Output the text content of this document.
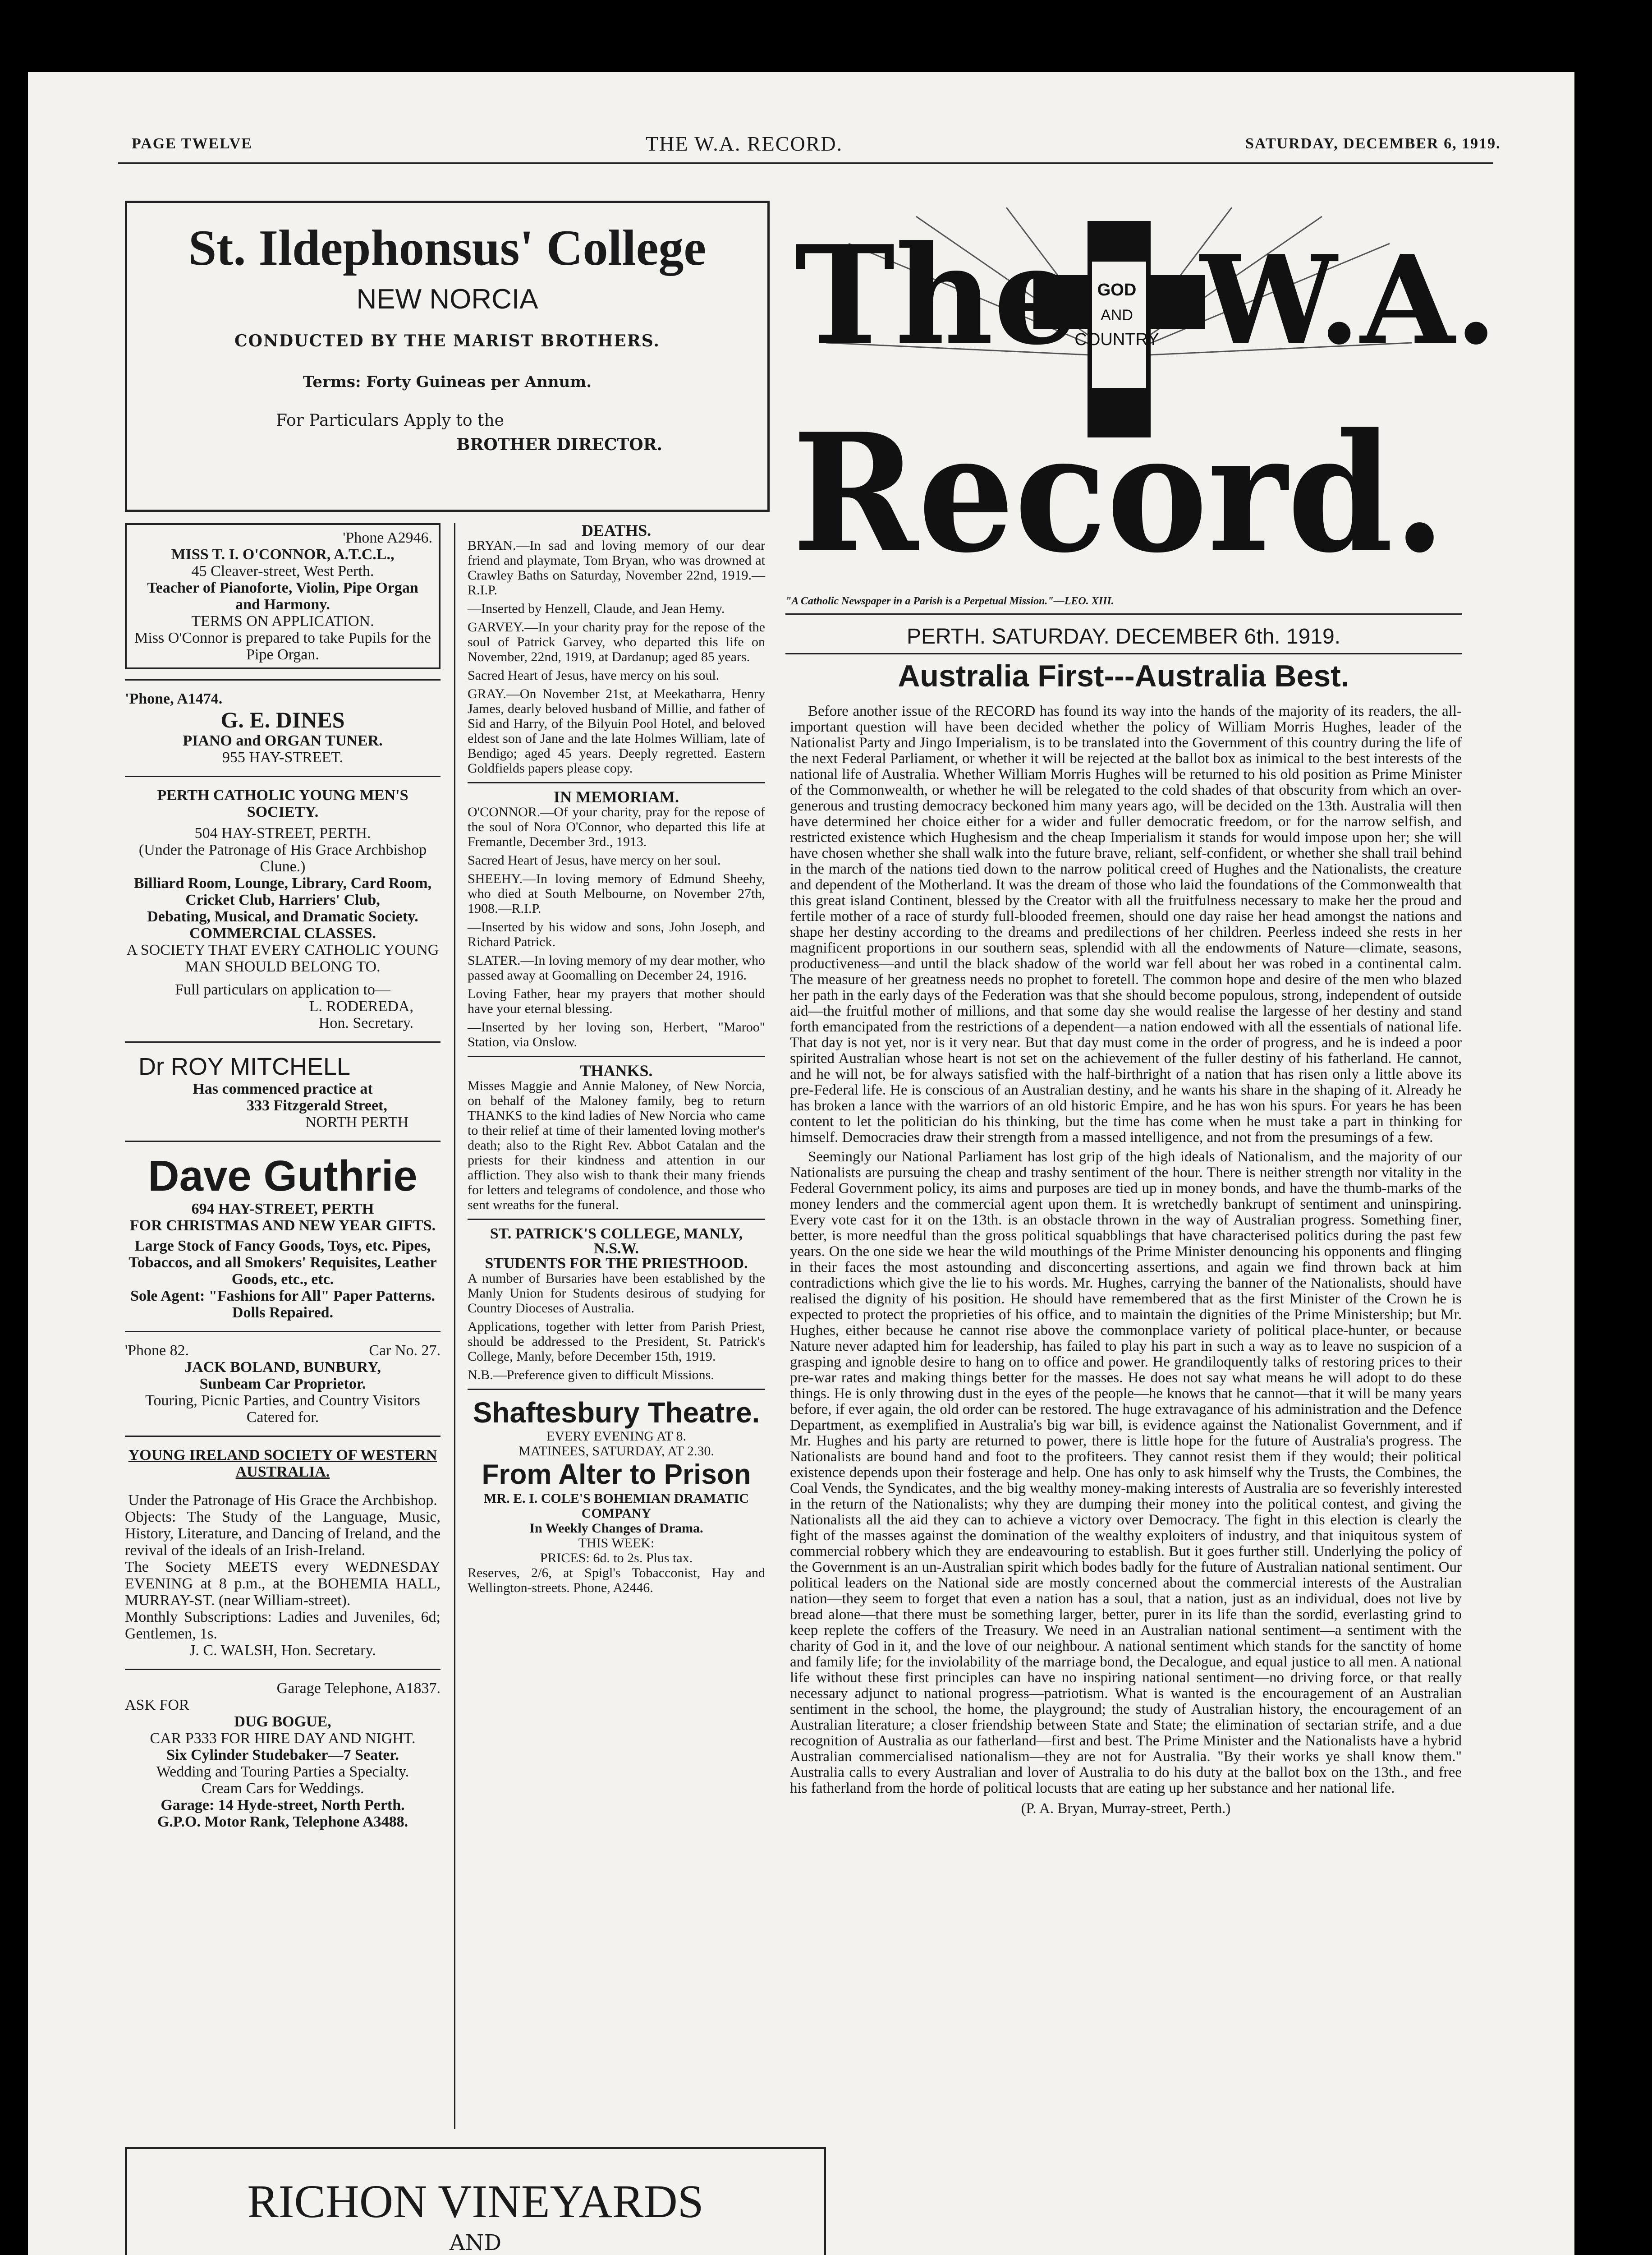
PAGE TWELVE	THE W.A. RECORD.	SATURDAY, DECEMBER 6, 1919.
St. Ildephonsus' College
NEW NORCIA
CONDUCTED BY THE MARIST BROTHERS.
Terms: Forty Guineas per Annum.
For Particulars Apply to the
BROTHER DIRECTOR.
'Phone A2946.
MISS T. I. O'CONNOR, A.T.C.L.,
45 Cleaver-street, West Perth.
Teacher of Pianoforte, Violin, Pipe Organ and Harmony.
TERMS ON APPLICATION.
Miss O'Connor is prepared to take Pupils for the Pipe Organ.
'Phone, A1474.
G. E. DINES
PIANO and ORGAN TUNER.
955 HAY-STREET.
PERTH CATHOLIC YOUNG MEN'S SOCIETY.
504 HAY-STREET, PERTH.
(Under the Patronage of His Grace Archbishop Clune.)
Billiard Room, Lounge, Library, Card Room, Cricket Club, Harriers' Club,
Debating, Musical, and Dramatic Society.
COMMERCIAL CLASSES.
A SOCIETY THAT EVERY CATHOLIC YOUNG MAN SHOULD BELONG TO.
Full particulars on application to—
L. RODEREDA,
Hon. Secretary.
Dr ROY MITCHELL
Has commenced practice at
333 Fitzgerald Street,
NORTH PERTH
Dave Guthrie
694 HAY-STREET, PERTH
FOR CHRISTMAS AND NEW YEAR GIFTS.
Large Stock of Fancy Goods, Toys, etc. Pipes, Tobaccos, and all Smokers' Requisites, Leather Goods, etc., etc.
Sole Agent: "Fashions for All" Paper Patterns.
Dolls Repaired.
'Phone 82.	Car No. 27.
JACK BOLAND, BUNBURY,
Sunbeam Car Proprietor.
Touring, Picnic Parties, and Country Visitors Catered for.
YOUNG IRELAND SOCIETY OF WESTERN AUSTRALIA.
Under the Patronage of His Grace the Archbishop.
Objects: The Study of the Language, Music, History, Literature, and Dancing of Ireland, and the revival of the ideals of an Irish-Ireland.
The Society MEETS every WEDNESDAY EVENING at 8 p.m., at the BOHEMIA HALL, MURRAY-ST. (near William-street).
Monthly Subscriptions: Ladies and Juveniles, 6d; Gentlemen, 1s.
J. C. WALSH, Hon. Secretary.
Garage Telephone, A1837.
ASK FOR
DUG BOGUE,
CAR P333 FOR HIRE DAY AND NIGHT.
Six Cylinder Studebaker—7 Seater.
Wedding and Touring Parties a Specialty.
Cream Cars for Weddings.
Garage: 14 Hyde-street, North Perth.
G.P.O. Motor Rank, Telephone A3488.
DEATHS.

BRYAN.—In sad and loving memory of our dear friend and playmate, Tom Bryan, who was drowned at Crawley Baths on Saturday, November 22nd, 1919.—R.I.P.

—Inserted by Henzell, Claude, and Jean Hemy.

GARVEY.—In your charity pray for the repose of the soul of Patrick Garvey, who departed this life on November, 22nd, 1919, at Dardanup; aged 85 years.

Sacred Heart of Jesus, have mercy on his soul.

GRAY.—On November 21st, at Meekatharra, Henry James, dearly beloved husband of Millie, and father of Sid and Harry, of the Bilyuin Pool Hotel, and beloved eldest son of Jane and the late Holmes William, late of Bendigo; aged 45 years. Deeply regretted. Eastern Goldfields papers please copy.

IN MEMORIAM.

O'CONNOR.—Of your charity, pray for the repose of the soul of Nora O'Connor, who departed this life at Fremantle, December 3rd., 1913.

Sacred Heart of Jesus, have mercy on her soul.

SHEEHY.—In loving memory of Edmund Sheehy, who died at South Melbourne, on November 27th, 1908.—R.I.P.

—Inserted by his widow and sons, John Joseph, and Richard Patrick.

SLATER.—In loving memory of my dear mother, who passed away at Goomalling on December 24, 1916.

Loving Father, hear my prayers that mother should have your eternal blessing.

—Inserted by her loving son, Herbert, "Maroo" Station, via Onslow.

THANKS.

Misses Maggie and Annie Maloney, of New Norcia, on behalf of the Maloney family, beg to return THANKS to the kind ladies of New Norcia who came to their relief at time of their lamented loving mother's death; also to the Right Rev. Abbot Catalan and the priests for their kindness and attention in our affliction. They also wish to thank their many friends for letters and telegrams of condolence, and those who sent wreaths for the funeral.

ST. PATRICK'S COLLEGE, MANLY, N.S.W.
STUDENTS FOR THE PRIESTHOOD.

A number of Bursaries have been established by the Manly Union for Students desirous of studying for Country Dioceses of Australia.

Applications, together with letter from Parish Priest, should be addressed to the President, St. Patrick's College, Manly, before December 15th, 1919.

N.B.—Preference given to difficult Missions.

Shaftesbury Theatre.
EVERY EVENING AT 8.
MATINEES, SATURDAY, AT 2.30.
From Alter to Prison
MR. E. I. COLE'S BOHEMIAN DRAMATIC COMPANY
In Weekly Changes of Drama.
THIS WEEK:
PRICES: 6d. to 2s. Plus tax.
Reserves, 2/6, at Spigl's Tobacconist, Hay and Wellington-streets. Phone, A2446.
RICHON VINEYARDS
AND
The W.A.
GOD
AND
COUNTRY
Record.
"A Catholic Newspaper in a Parish is a Perpetual Mission."—LEO. XIII.
PERTH. SATURDAY. DECEMBER 6th. 1919.
Australia First---Australia Best.

Before another issue of the RECORD has found its way into the hands of the majority of its readers, the all-important question will have been decided whether the policy of William Morris Hughes, leader of the Nationalist Party and Jingo Imperialism, is to be translated into the Government of this country during the life of the next Federal Parliament, or whether it will be rejected at the ballot box as inimical to the best interests of the national life of Australia. Whether William Morris Hughes will be returned to his old position as Prime Minister of the Commonwealth, or whether he will be relegated to the cold shades of that obscurity from which an over-generous and trusting democracy beckoned him many years ago, will be decided on the 13th. Australia will then have determined her choice either for a wider and fuller democratic freedom, or for the narrow selfish, and restricted existence which Hughesism and the cheap Imperialism it stands for would impose upon her; she will have chosen whether she shall walk into the future brave, reliant, self-confident, or whether she shall trail behind in the march of the nations tied down to the narrow political creed of Hughes and the Nationalists, the creature and dependent of the Motherland. It was the dream of those who laid the foundations of the Commonwealth that this great island Continent, blessed by the Creator with all the fruitfulness necessary to make her the proud and fertile mother of a race of sturdy full-blooded freemen, should one day raise her head amongst the nations and shape her destiny according to the dreams and predilections of her children. Peerless indeed she rests in her magnificent proportions in our southern seas, splendid with all the endowments of Nature—climate, seasons, productiveness—and until the black shadow of the world war fell about her was robed in a continental calm. The measure of her greatness needs no prophet to foretell. The common hope and desire of the men who blazed her path in the early days of the Federation was that she should become populous, strong, independent of outside aid—the fruitful mother of millions, and that some day she would realise the largesse of her destiny and stand forth emancipated from the restrictions of a dependent—a nation endowed with all the essentials of national life. That day is not yet, nor is it very near. But that day must come in the order of progress, and he is indeed a poor spirited Australian whose heart is not set on the achievement of the fuller destiny of his fatherland. He cannot, and he will not, be for always satisfied with the half-birthright of a nation that has risen only a little above its pre-Federal life. He is conscious of an Australian destiny, and he wants his share in the shaping of it. Already he has broken a lance with the warriors of an old historic Empire, and he has won his spurs. For years he has been content to let the politician do his thinking, but the time has come when he must take a part in thinking for himself. Democracies draw their strength from a massed intelligence, and not from the presumings of a few.

Seemingly our National Parliament has lost grip of the high ideals of Nationalism, and the majority of our Nationalists are pursuing the cheap and trashy sentiment of the hour. There is neither strength nor vitality in the Federal Government policy, its aims and purposes are tied up in money bonds, and have the thumb-marks of the money lenders and the commercial agent upon them. It is wretchedly bankrupt of sentiment and uninspiring. Every vote cast for it on the 13th. is an obstacle thrown in the way of Australian progress. Something finer, better, is more needful than the gross political squabblings that have characterised politics during the past few years. On the one side we hear the wild mouthings of the Prime Minister denouncing his opponents and flinging in their faces the most astounding and disconcerting assertions, and again we find thrown back at him contradictions which give the lie to his words. Mr. Hughes, carrying the banner of the Nationalists, should have realised the dignity of his position. He should have remembered that as the first Minister of the Crown he is expected to protect the proprieties of his office, and to maintain the dignities of the Prime Ministership; but Mr. Hughes, either because he cannot rise above the commonplace variety of political place-hunter, or because Nature never adapted him for leadership, has failed to play his part in such a way as to leave no suspicion of a grasping and ignoble desire to hang on to office and power. He grandiloquently talks of restoring prices to their pre-war rates and making things better for the masses. He does not say what means he will adopt to do these things. He is only throwing dust in the eyes of the people—he knows that he cannot—that it will be many years before, if ever again, the old order can be restored. The huge extravagance of his administration and the Defence Department, as exemplified in Australia's big war bill, is evidence against the Nationalist Government, and if Mr. Hughes and his party are returned to power, there is little hope for the future of Australia's progress. The Nationalists are bound hand and foot to the profiteers. They cannot resist them if they would; their political existence depends upon their fosterage and help. One has only to ask himself why the Trusts, the Combines, the Coal Vends, the Syndicates, and the big wealthy money-making interests of Australia are so feverishly interested in the return of the Nationalists; why they are dumping their money into the political contest, and giving the Nationalists all the aid they can to achieve a victory over Democracy. The fight in this election is clearly the fight of the masses against the domination of the wealthy exploiters of industry, and that iniquitous system of commercial robbery which they are endeavouring to establish. But it goes further still. Underlying the policy of the Government is an un-Australian spirit which bodes badly for the future of Australian national sentiment. Our political leaders on the National side are mostly concerned about the commercial interests of the Australian nation—they seem to forget that even a nation has a soul, that a nation, just as an individual, does not live by bread alone—that there must be something larger, better, purer in its life than the sordid, everlasting grind to keep replete the coffers of the Treasury. We need in an Australian national sentiment—a sentiment with the charity of God in it, and the love of our neighbour. A national sentiment which stands for the sanctity of home and family life; for the inviolability of the marriage bond, the Decalogue, and equal justice to all men. A national life without these first principles can have no inspiring national sentiment—no driving force, or that really necessary adjunct to national progress—patriotism. What is wanted is the encouragement of an Australian sentiment in the school, the home, the playground; the study of Australian history, the encouragement of an Australian literature; a closer friendship between State and State; the elimination of sectarian strife, and a due recognition of Australia as our fatherland—first and best. The Prime Minister and the Nationalists have a hybrid Australian commercialised nationalism—they are not for Australia. "By their works ye shall know them." Australia calls to every Australian and lover of Australia to do his duty at the ballot box on the 13th., and free his fatherland from the horde of political locusts that are eating up her substance and her national life.

(P. A. Bryan, Murray-street, Perth.)
